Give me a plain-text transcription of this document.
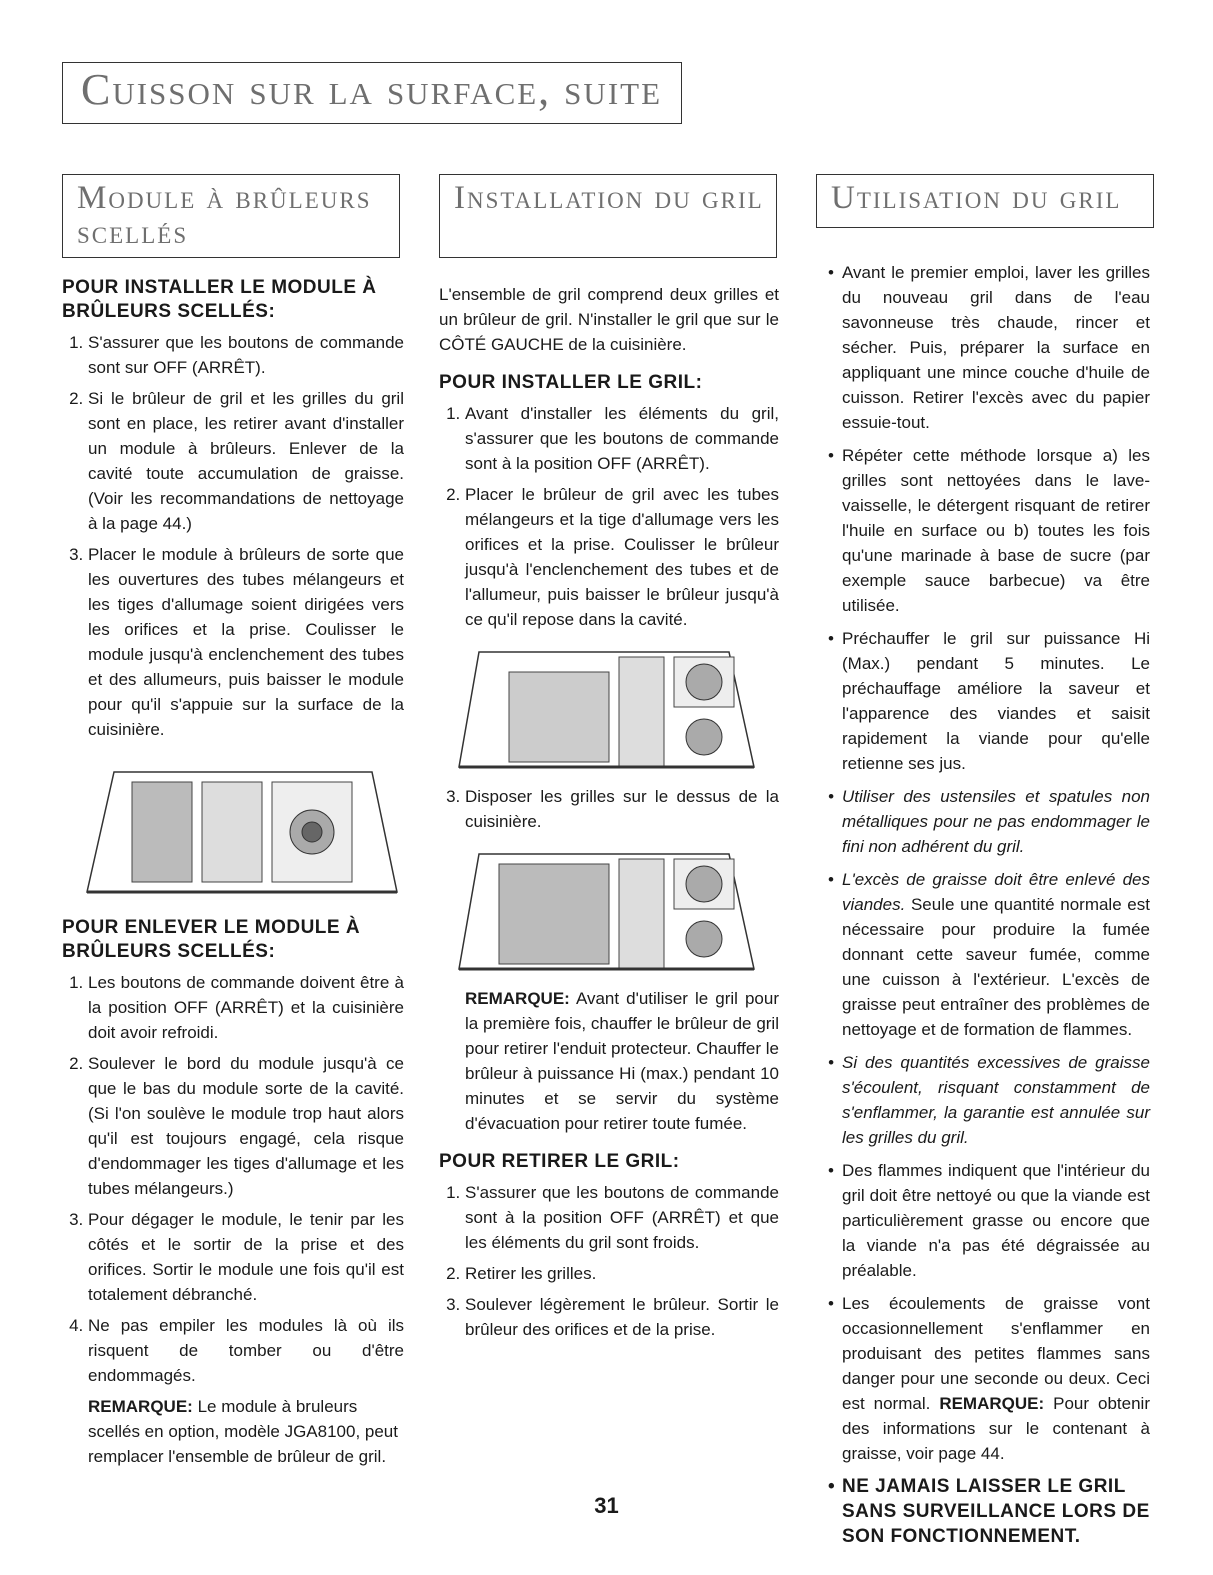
Cuisson sur la surface, suite
Module à brûleurs scellés
Installation du gril	Utilisation du gril
POUR INSTALLER LE MODULE À BRÛLEURS SCELLÉS:
1. S'assurer que les boutons de commande sont sur OFF (ARRÊT).
2. Si le brûleur de gril et les grilles du gril sont en place, les retirer avant d'installer un module à brûleurs. Enlever de la cavité toute accumulation de graisse. (Voir les recommandations de nettoyage à la page 44.)
3. Placer le module à brûleurs de sorte que les ouvertures des tubes mélangeurs et les tiges d'allumage soient dirigées vers les orifices et la prise. Coulisser le module jusqu'à enclenchement des tubes et des allumeurs, puis baisser le module pour qu'il s'appuie sur la surface de la cuisinière.
POUR ENLEVER LE MODULE À BRÛLEURS SCELLÉS:
1. Les boutons de commande doivent être à la position OFF (ARRÊT) et la cuisinière doit avoir refroidi.
2. Soulever le bord du module jusqu'à ce que le bas du module sorte de la cavité. (Si l'on soulève le module trop haut alors qu'il est toujours engagé, cela risque d'endommager les tiges d'allumage et les tubes mélangeurs.)
3. Pour dégager le module, le tenir par les côtés et le sortir de la prise et des orifices. Sortir le module une fois qu'il est totalement débranché.
4. Ne pas empiler les modules là où ils risquent de tomber ou d'être endommagés.

REMARQUE: Le module à bruleurs scellés en option, modèle JGA8100, peut remplacer l'ensemble de brûleur de gril.

L'ensemble de gril comprend deux grilles et un brûleur de gril. N'installer le gril que sur le CÔTÉ GAUCHE de la cuisinière.

POUR INSTALLER LE GRIL:
1. Avant d'installer les éléments du gril, s'assurer que les boutons de commande sont à la position OFF (ARRÊT).
2. Placer le brûleur de gril avec les tubes mélangeurs et la tige d'allumage vers les orifices et la prise. Coulisser le brûleur jusqu'à l'enclenchement des tubes et de l'allumeur, puis baisser le brûleur jusqu'à ce qu'il repose dans la cavité.
3. Disposer les grilles sur le dessus de la cuisinière.

REMARQUE: Avant d'utiliser le gril pour la première fois, chauffer le brûleur de gril pour retirer l'enduit protecteur. Chauffer le brûleur à puissance Hi (max.) pendant 10 minutes et se servir du système d'évacuation pour retirer toute fumée.

POUR RETIRER LE GRIL:
1. S'assurer que les boutons de commande sont à la position OFF (ARRÊT) et que les éléments du gril sont froids.
2. Retirer les grilles.
3. Soulever légèrement le brûleur. Sortir le brûleur des orifices et de la prise.
• Avant le premier emploi, laver les grilles du nouveau gril dans de l'eau savonneuse très chaude, rincer et sécher. Puis, préparer la surface en appliquant une mince couche d'huile de cuisson. Retirer l'excès avec du papier essuie-tout.
• Répéter cette méthode lorsque a) les grilles sont nettoyées dans le lave-vaisselle, le détergent risquant de retirer l'huile en surface ou b) toutes les fois qu'une marinade à base de sucre (par exemple sauce barbecue) va être utilisée.
• Préchauffer le gril sur puissance Hi (Max.) pendant 5 minutes. Le préchauffage améliore la saveur et l'apparence des viandes et saisit rapidement la viande pour qu'elle retienne ses jus.
• Utiliser des ustensiles et spatules non métalliques pour ne pas endommager le fini non adhérent du gril.
• L'excès de graisse doit être enlevé des viandes. Seule une quantité normale est nécessaire pour produire la fumée donnant cette saveur fumée, comme une cuisson à l'extérieur. L'excès de graisse peut entraîner des problèmes de nettoyage et de formation de flammes.
• Si des quantités excessives de graisse s'écoulent, risquant constamment de s'enflammer, la garantie est annulée sur les grilles du gril.
• Des flammes indiquent que l'intérieur du gril doit être nettoyé ou que la viande est particulièrement grasse ou encore que la viande n'a pas été dégraissée au préalable.
• Les écoulements de graisse vont occasionnellement s'enflammer en produisant des petites flammes sans danger pour une seconde ou deux. Ceci est normal. REMARQUE: Pour obtenir des informations sur le contenant à graisse, voir page 44.
• NE JAMAIS LAISSER LE GRIL SANS SURVEILLANCE LORS DE SON FONCTIONNEMENT.
31
